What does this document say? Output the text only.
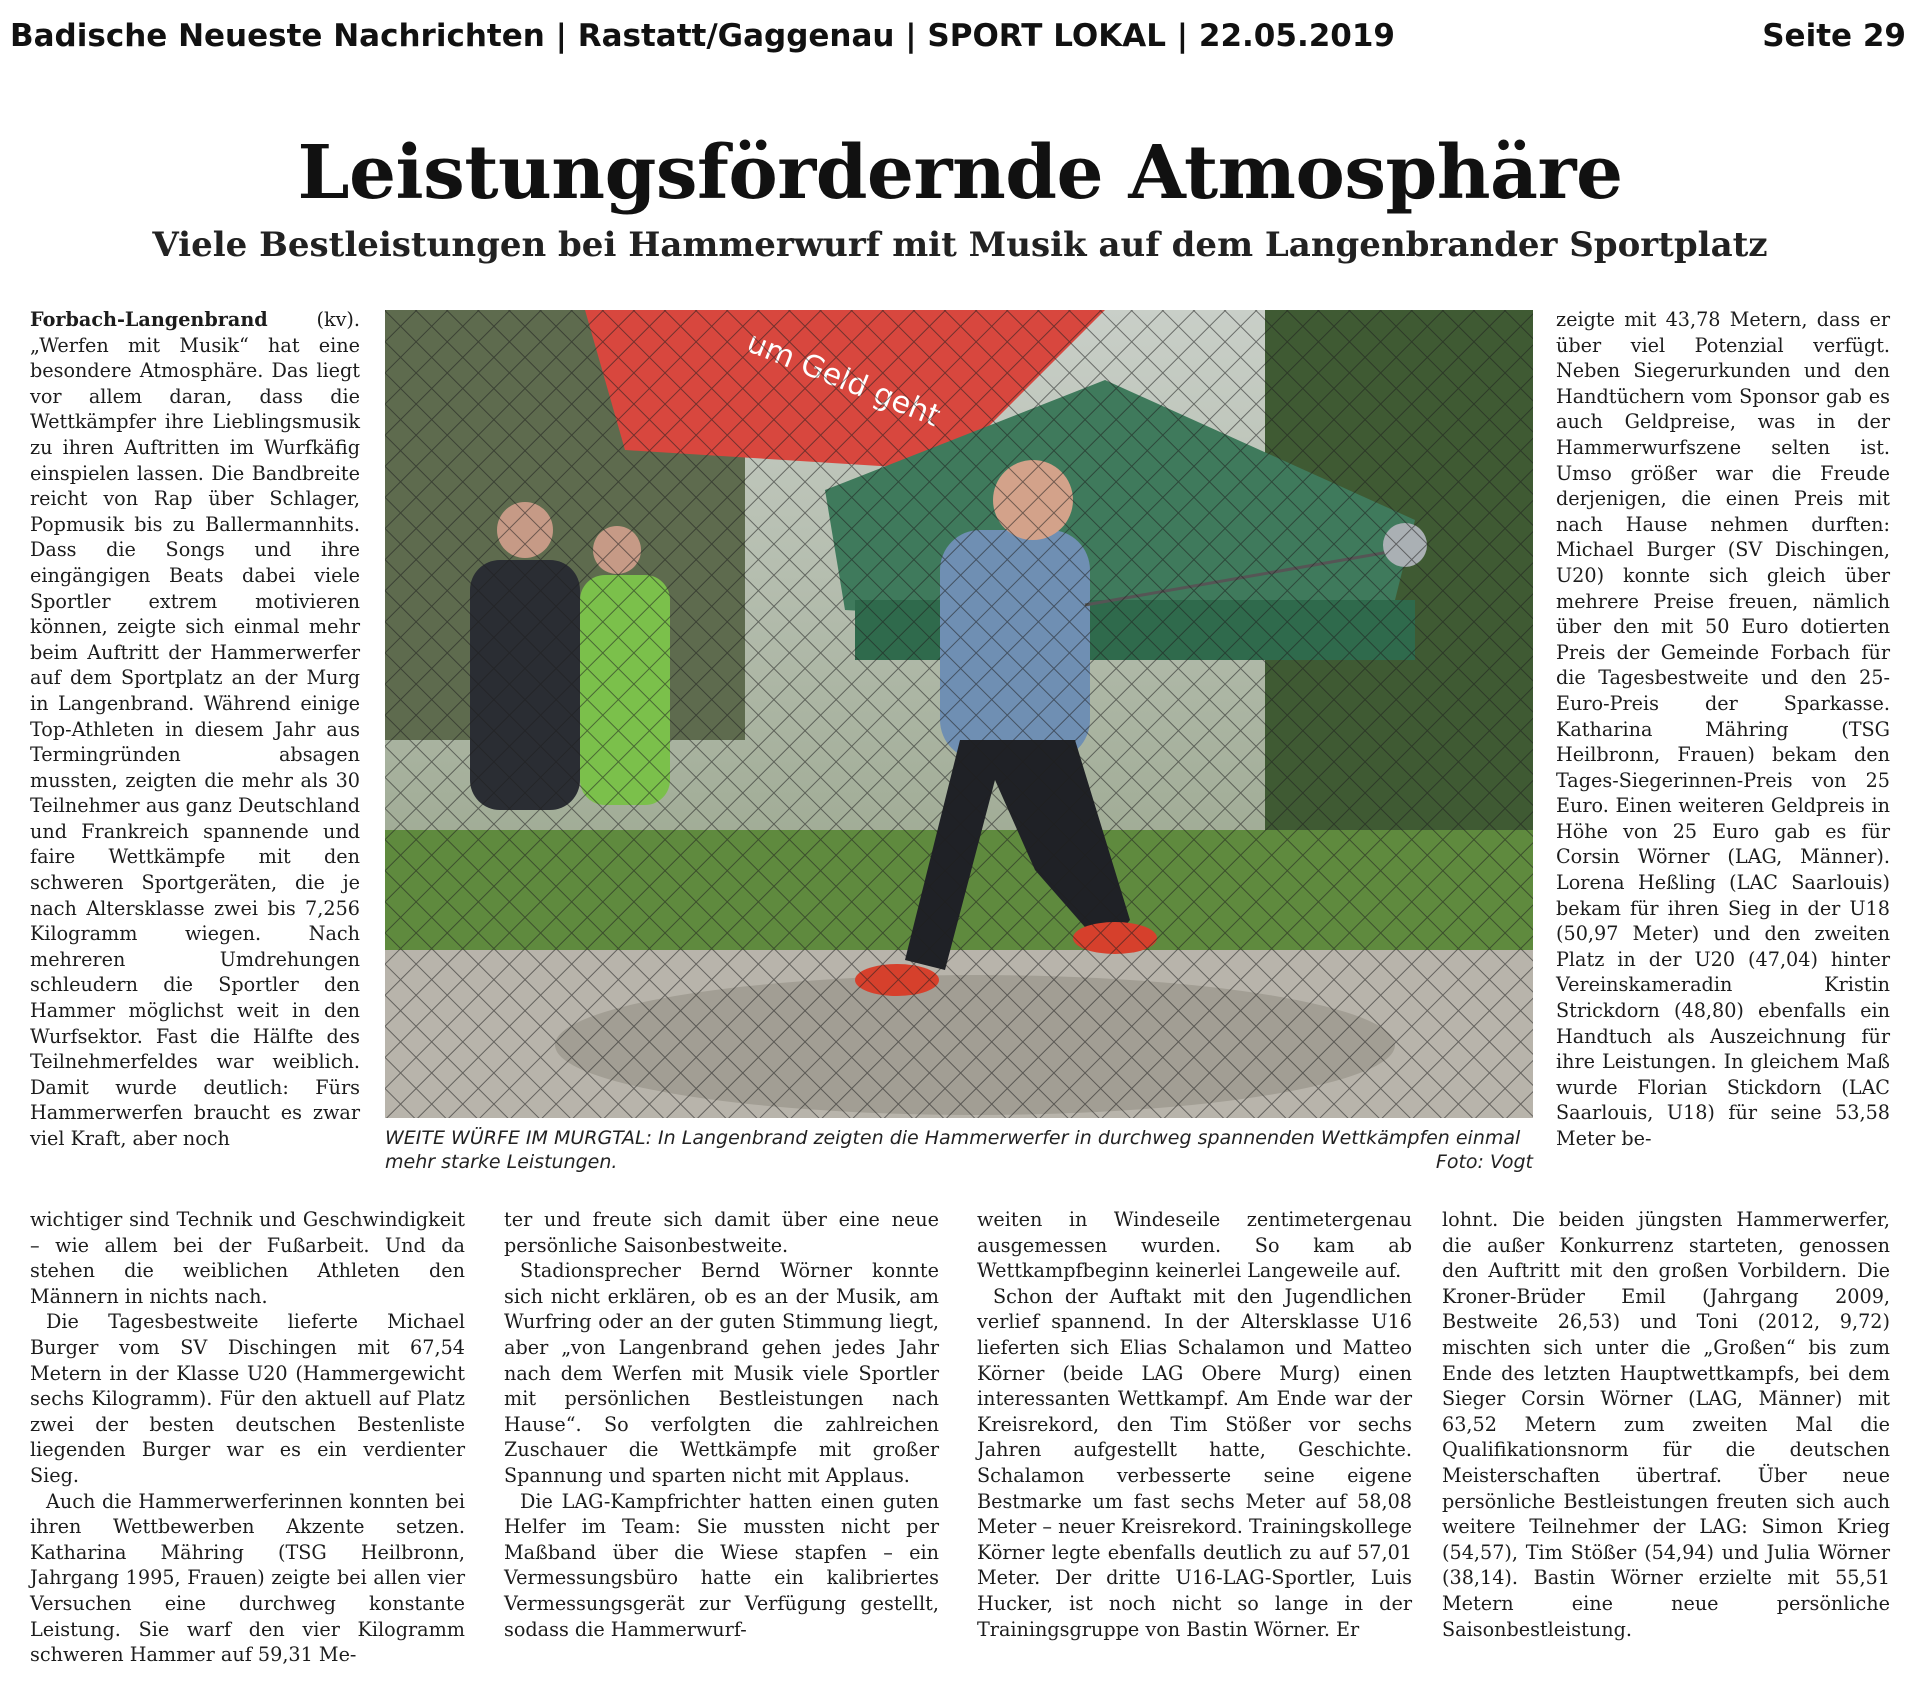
Badische Neueste Nachrichten | Rastatt/Gaggenau | SPORT LOKAL | 22.05.2019	Seite 29
Leistungsfördernde Atmosphäre
Viele Bestleistungen bei Hammerwurf mit Musik auf dem Langenbrander Sportplatz

Forbach-Langenbrand (kv). „Werfen mit Musik“ hat eine besondere Atmosphäre. Das liegt vor allem daran, dass die Wettkämpfer ihre Lieblingsmusik zu ihren Auftritten im Wurfkäfig einspielen lassen. Die Bandbreite reicht von Rap über Schlager, Popmusik bis zu Ballermannhits. Dass die Songs und ihre eingängigen Beats dabei viele Sportler extrem motivieren können, zeigte sich einmal mehr beim Auftritt der Hammerwerfer auf dem Sportplatz an der Murg in Langenbrand. Während einige Top-Athleten in diesem Jahr aus Termingründen absagen mussten, zeigten die mehr als 30 Teilnehmer aus ganz Deutschland und Frankreich spannende und faire Wettkämpfe mit den schweren Sportgeräten, die je nach Altersklasse zwei bis 7,256 Kilogramm wiegen. Nach mehreren Umdrehungen schleudern die Sportler den Hammer möglichst weit in den Wurfsektor. Fast die Hälfte des Teilnehmerfeldes war weiblich. Damit wurde deutlich: Fürs Hammerwerfen braucht es zwar viel Kraft, aber noch	WEITE WÜRFE IM MURGTAL: In Langenbrand zeigten die Hammerwerfer in durchweg spannenden Wettkämpfen einmal mehr starke Leistungen.	Foto: Vogt

zeigte mit 43,78 Metern, dass er über viel Potenzial verfügt. Neben Siegerurkunden und den Handtüchern vom Sponsor gab es auch Geldpreise, was in der Hammerwurfszene selten ist. Umso größer war die Freude derjenigen, die einen Preis mit nach Hause nehmen durften: Michael Burger (SV Dischingen, U20) konnte sich gleich über mehrere Preise freuen, nämlich über den mit 50 Euro dotierten Preis der Gemeinde Forbach für die Tagesbestweite und den 25-Euro-Preis der Sparkasse. Katharina Mähring (TSG Heilbronn, Frauen) bekam den Tages-Siegerinnen-Preis von 25 Euro. Einen weiteren Geldpreis in Höhe von 25 Euro gab es für Corsin Wörner (LAG, Männer). Lorena Heßling (LAC Saarlouis) bekam für ihren Sieg in der U18 (50,97 Meter) und den zweiten Platz in der U20 (47,04) hinter Vereinskameradin Kristin Strickdorn (48,80) ebenfalls ein Handtuch als Auszeichnung für ihre Leistungen. In gleichem Maß wurde Florian Stickdorn (LAC Saarlouis, U18) für seine 53,58 Meter be-

wichtiger sind Technik und Geschwindigkeit – wie allem bei der Fußarbeit. Und da stehen die weiblichen Athleten den Männern in nichts nach.

Die Tagesbestweite lieferte Michael Burger vom SV Dischingen mit 67,54 Metern in der Klasse U20 (Hammergewicht sechs Kilogramm). Für den aktuell auf Platz zwei der besten deutschen Bestenliste liegenden Burger war es ein verdienter Sieg.

Auch die Hammerwerferinnen konnten bei ihren Wettbewerben Akzente setzen. Katharina Mähring (TSG Heilbronn, Jahrgang 1995, Frauen) zeigte bei allen vier Versuchen eine durchweg konstante Leistung. Sie warf den vier Kilogramm schweren Hammer auf 59,31 Me-

ter und freute sich damit über eine neue persönliche Saisonbestweite.

Stadionsprecher Bernd Wörner konnte sich nicht erklären, ob es an der Musik, am Wurfring oder an der guten Stimmung liegt, aber „von Langenbrand gehen jedes Jahr nach dem Werfen mit Musik viele Sportler mit persönlichen Bestleistungen nach Hause“. So verfolgten die zahlreichen Zuschauer die Wettkämpfe mit großer Spannung und sparten nicht mit Applaus.

Die LAG-Kampfrichter hatten einen guten Helfer im Team: Sie mussten nicht per Maßband über die Wiese stapfen – ein Vermessungsbüro hatte ein kalibriertes Vermessungsgerät zur Verfügung gestellt, sodass die Hammerwurf-

weiten in Windeseile zentimetergenau ausgemessen wurden. So kam ab Wettkampfbeginn keinerlei Langeweile auf.

Schon der Auftakt mit den Jugendlichen verlief spannend. In der Altersklasse U16 lieferten sich Elias Schalamon und Matteo Körner (beide LAG Obere Murg) einen interessanten Wettkampf. Am Ende war der Kreisrekord, den Tim Stößer vor sechs Jahren aufgestellt hatte, Geschichte. Schalamon verbesserte seine eigene Bestmarke um fast sechs Meter auf 58,08 Meter – neuer Kreisrekord. Trainingskollege Körner legte ebenfalls deutlich zu auf 57,01 Meter. Der dritte U16-LAG-Sportler, Luis Hucker, ist noch nicht so lange in der Trainingsgruppe von Bastin Wörner. Er

lohnt. Die beiden jüngsten Hammerwerfer, die außer Konkurrenz starteten, genossen den Auftritt mit den großen Vorbildern. Die Kroner-Brüder Emil (Jahrgang 2009, Bestweite 26,53) und Toni (2012, 9,72) mischten sich unter die „Großen“ bis zum Ende des letzten Hauptwettkampfs, bei dem Sieger Corsin Wörner (LAG, Männer) mit 63,52 Metern zum zweiten Mal die Qualifikationsnorm für die deutschen Meisterschaften übertraf. Über neue persönliche Bestleistungen freuten sich auch weitere Teilnehmer der LAG: Simon Krieg (54,57), Tim Stößer (54,94) und Julia Wörner (38,14). Bastin Wörner erzielte mit 55,51 Metern eine neue persönliche Saisonbestleistung.
